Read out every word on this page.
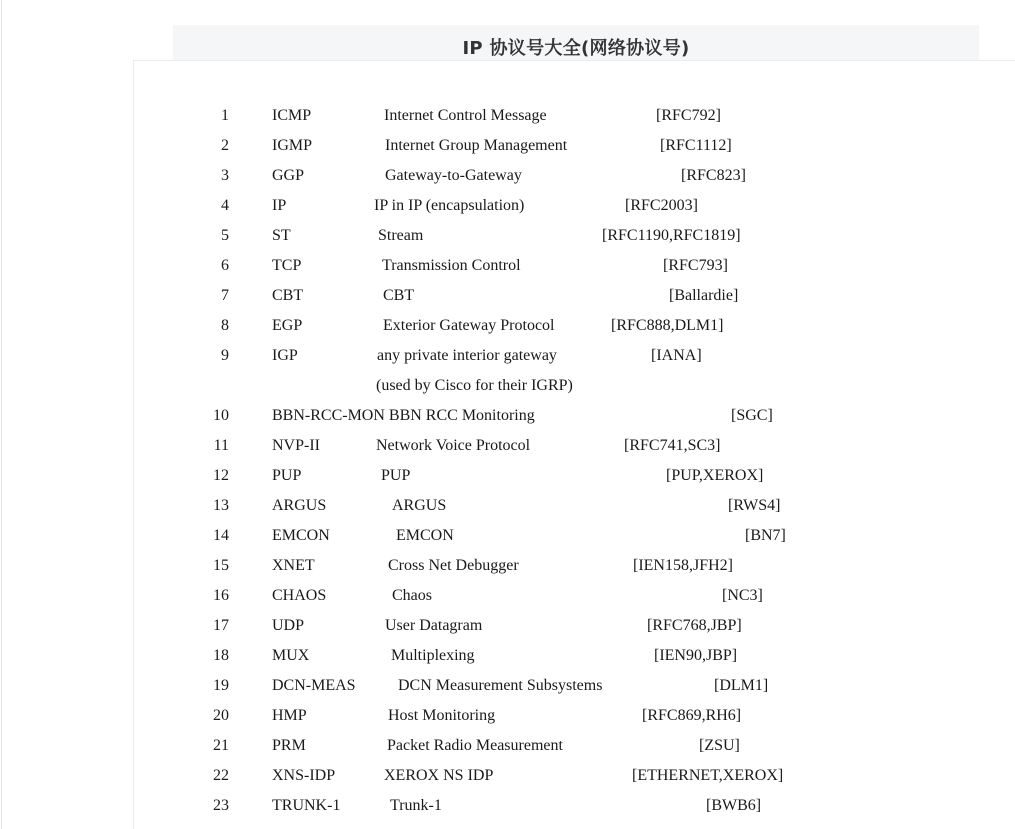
IP 协议号大全(网络协议号)
1	ICMP	Internet Control Message	[RFC792]
2	IGMP	Internet Group Management	[RFC1112]
3	GGP	Gateway-to-Gateway	[RFC823]
4	IP	IP in IP (encapsulation)	[RFC2003]
5	ST	Stream	[RFC1190,RFC1819]
6	TCP	Transmission Control	[RFC793]
7	CBT	CBT	[Ballardie]
8	EGP	Exterior Gateway Protocol	[RFC888,DLM1]
9	IGP	any private interior gateway	[IANA]
(used by Cisco for their IGRP)
10	BBN-RCC-MON BBN RCC Monitoring	[SGC]
11	NVP-II	Network Voice Protocol	[RFC741,SC3]
12	PUP	PUP	[PUP,XEROX]
13	ARGUS	ARGUS	[RWS4]
14	EMCON	EMCON	[BN7]
15	XNET	Cross Net Debugger	[IEN158,JFH2]
16	CHAOS	Chaos	[NC3]
17	UDP	User Datagram	[RFC768,JBP]
18	MUX	Multiplexing	[IEN90,JBP]
19	DCN-MEAS	DCN Measurement Subsystems	[DLM1]
20	HMP	Host Monitoring	[RFC869,RH6]
21	PRM	Packet Radio Measurement	[ZSU]
22	XNS-IDP	XEROX NS IDP	[ETHERNET,XEROX]
23	TRUNK-1	Trunk-1	[BWB6]
